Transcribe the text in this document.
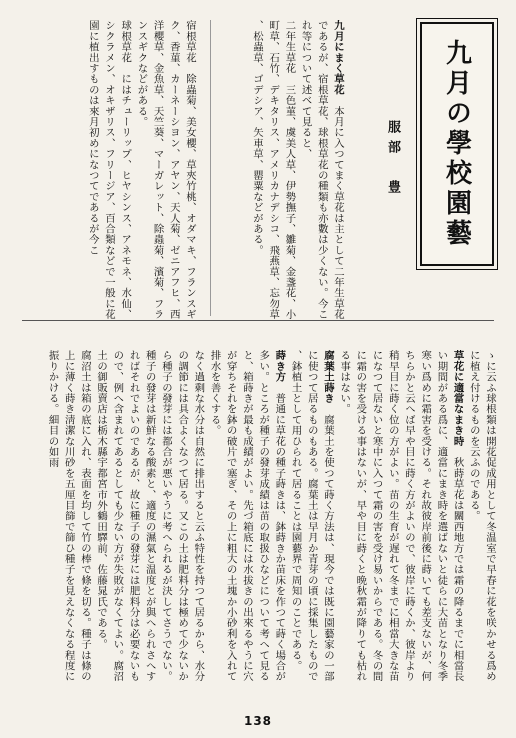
九月の學校園藝
服部　豊
九月にまく草花　本月に入つてまく草花は主として二年生草花であるが、宿根草花、球根草花の種類も亦數は少くない。今これ等について述べて見ると、
二年生草花　三色菫、虞美人草、伊勢撫子、雛菊、金盞花、小町草、石竹、デキタリス、アメリカナデシコ、飛燕草、忘勿草、松蟲草、ゴデシア、矢車草、罌粟などがある。
宿根草花　除蟲菊、美女櫻、草夾竹桃、オダマキ、フランスギク、香菫、カーネーシヨン、アヤン、天人菊、ゼニアフヒ、西洋櫻草、金魚草、天竺葵、マーガレット、除蟲菊、濱菊、フランスギクなどがある。
球根草花　にはチューリップ、ヒヤシンス、アネモネ、水仙、シクラメン、オキザリス、フリージア、百合類などで一般に花園に植出すものは來月初めになつてであるが今こ
ゝに云ふ球根類は開花促成用として冬温室で早春に花を咲かせる爲めに植え付けるものを云ふのである。
草花に適當なまき時　秋蒔草花は關西地方では霜の降るまでに相當長い期間がある爲に、適當にまき時を選ばないと徒らに大苗となり冬季寒い爲めに霜害を受ける。それ故彼岸前後に蒔いても差支ないが、何ちらかと云へば早や目に蒔く方がよいので、彼岸に蒔くか、彼岸より稍早目に蒔く位の方がよい。苗の生育が遅れて冬までに相當大きな苗になつて居ないと寒中に入つて霜の害を受け易いからである。冬の間に霜の害を受ける事はないが、早や目に蒔くと晩秋霜が降りても枯れる事はない。
腐葉土蒔き　腐葉土を使つて蒔く方法は、現今では既に園藝家の一部に使つて居るものもある。腐葉土は早月か青芽の頃に採集したもので、鉢植土として用ひられて居ることは園藝界で周知のことである。
蒔き方　普通に草花の種子蒔きは、鉢蒔きか苗床を作つて蒔く場合が多い。ところが種子の發芽成績は苗の取扱ひなどについて考へて見ると、箱蒔きが最も成績がよい。先づ箱底には水拔きの出來るやうに穴が穿ちそれを鉢の破片で塞ぎ、その上に粗大の土塊か小砂利を入れて排水を善くする。
なく過剩な水分は自然に排出すると云ふ特性を持つて居るから、水分の調節には具合よくなつて居る。又この土は肥料分は極めて少ないから種子の發芽には都合が悪いやうに考へられるが決してさうでない。種子の發芽は新鮮なる酸素と、適度の濕氣と温度とが與へられさへすればそれでよいのであるが、故に種子の發芽には肥料分は必要ないもので、例へ含まれてあるとしても少ない方が失敗がなくてよい。腐沼土の御販賣店は栃木縣宇都宮市外鶴田驛前、佐藤晁氏である。
腐沼土は箱の底に入れ、表面を均して竹の棒で條を切る。種子は條の上に薄く蒔き淸潔な川砂を五厘目篩で篩ひ種子を見えなくなる程度に振りかける。細目の如雨
138
